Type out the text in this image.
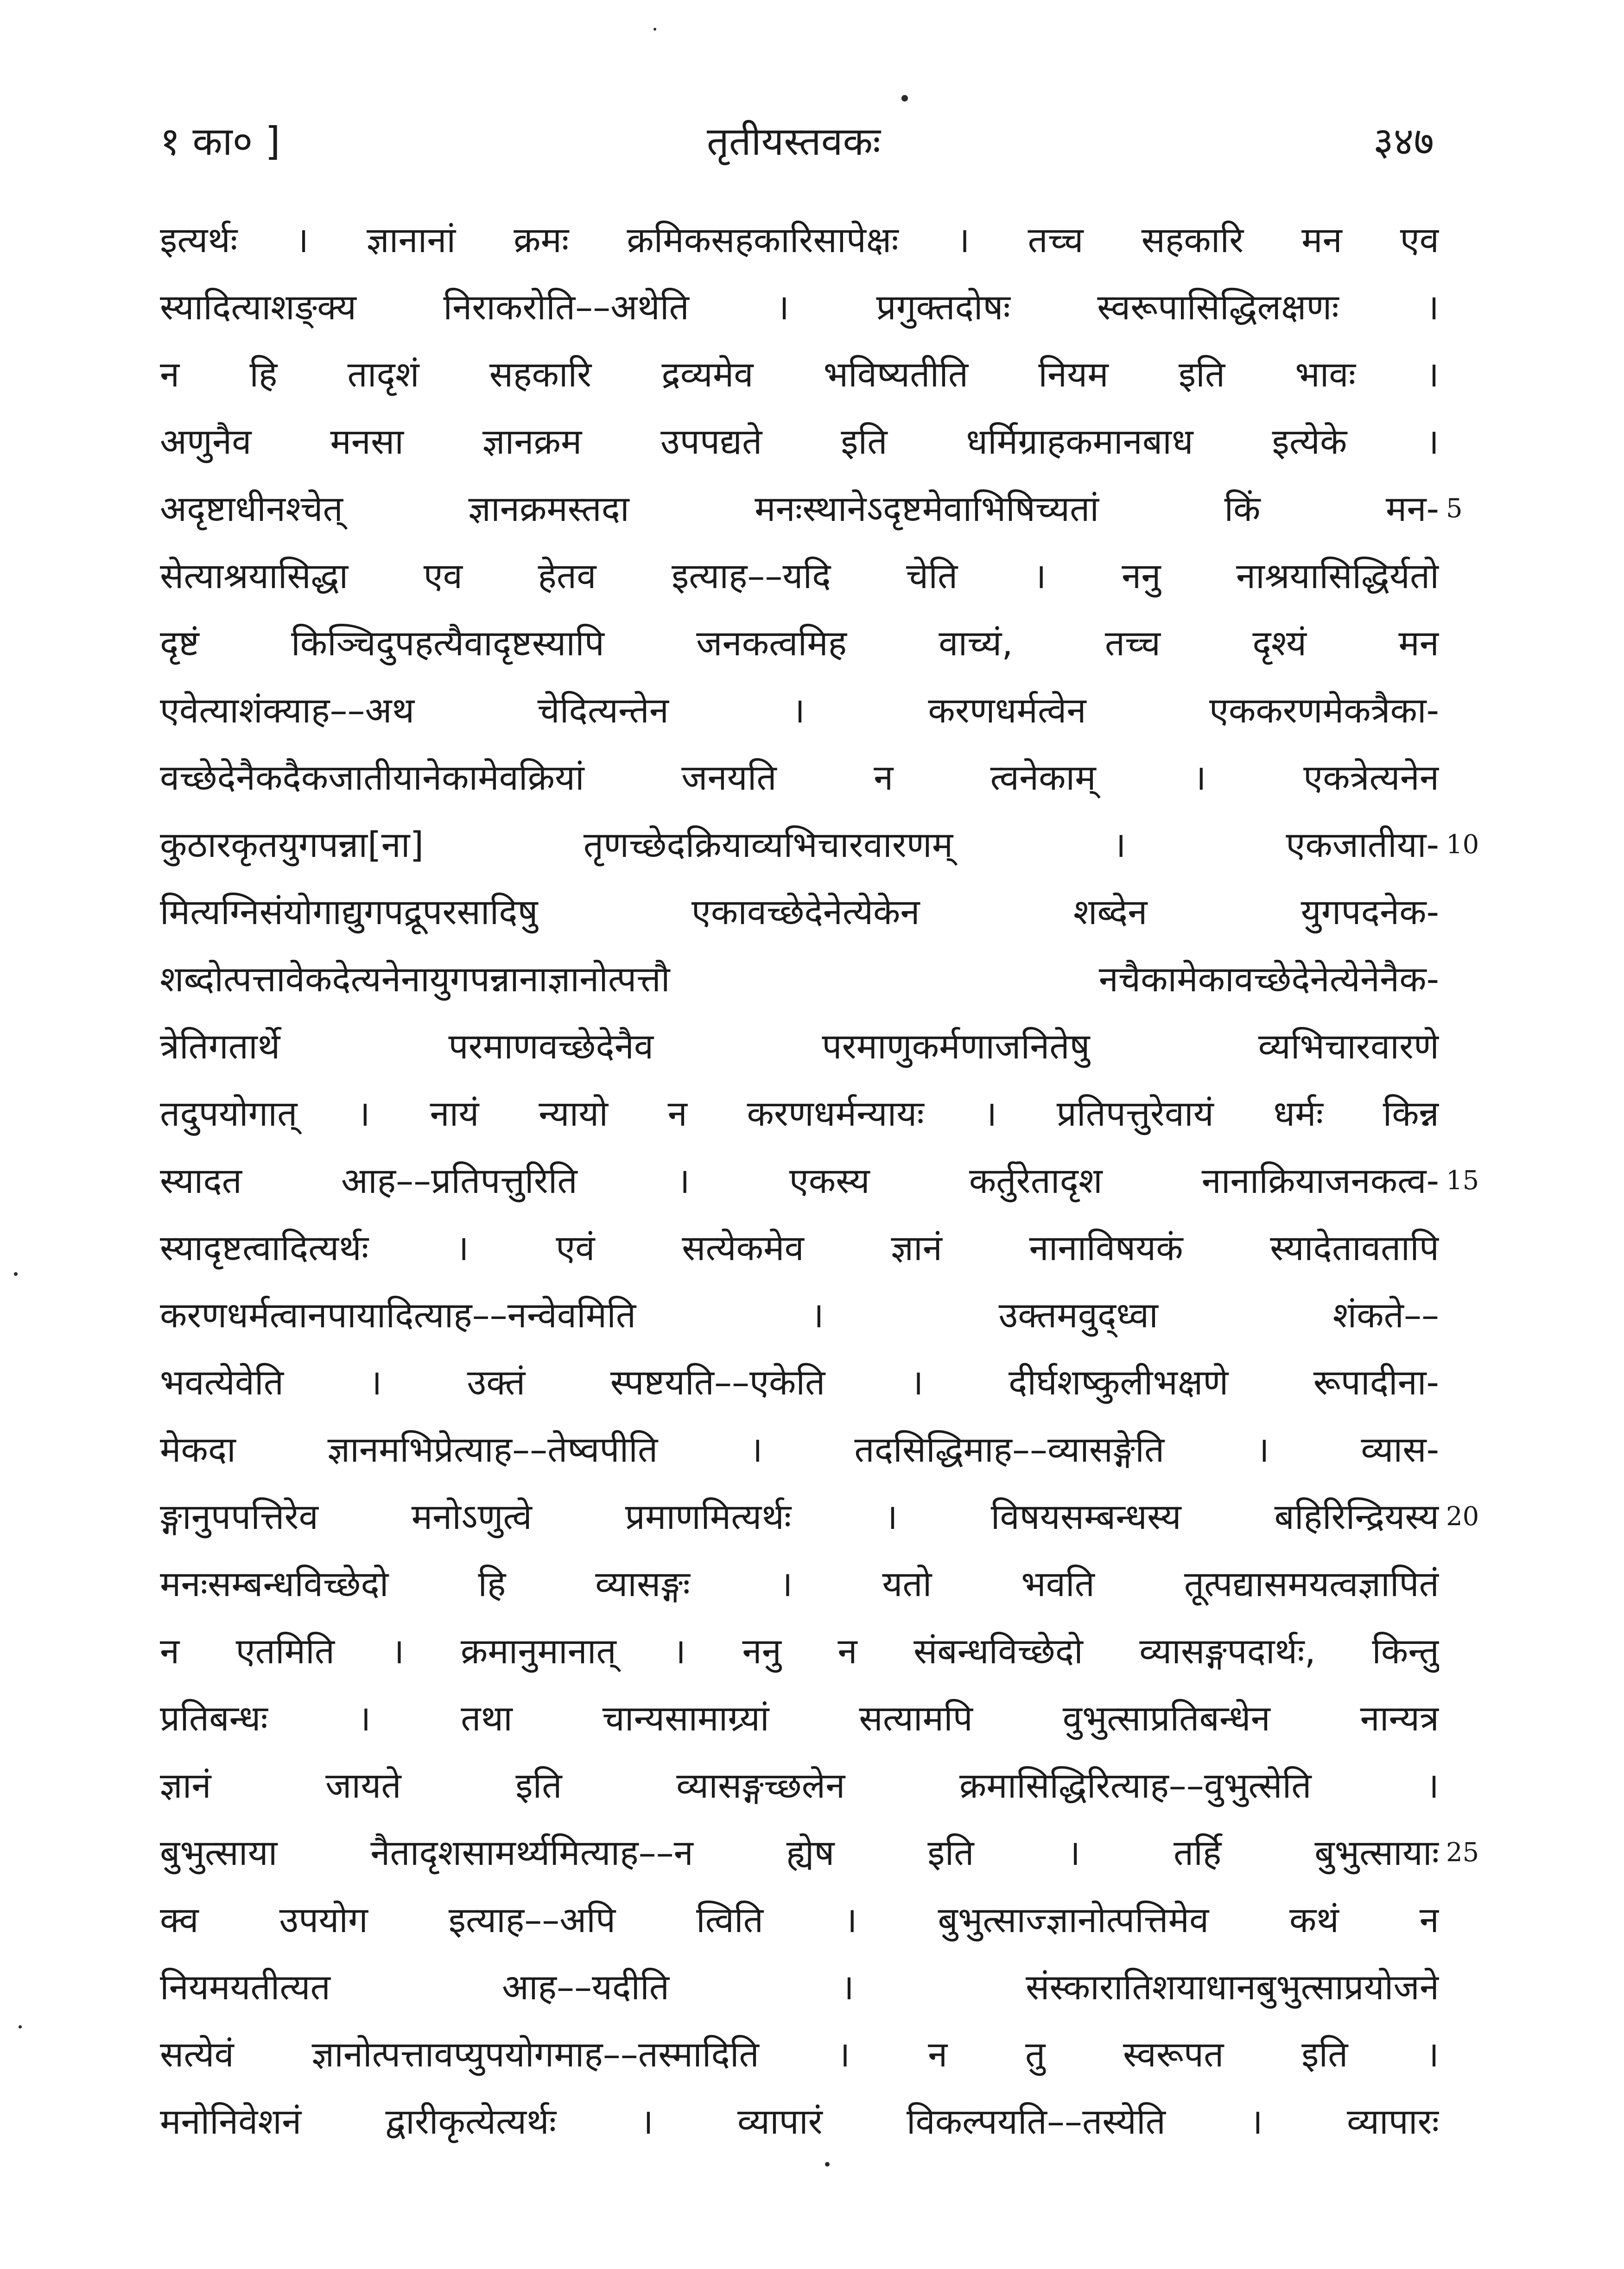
१ का० ]	तृतीयस्तवकः	३४७
इत्यर्थः । ज्ञानानां क्रमः क्रमिकसहकारिसापेक्षः । तच्च सहकारि मन एव
स्यादित्याशङ्क्य निराकरोति––अथेति । प्रगुक्तदोषः स्वरूपासिद्धिलक्षणः ।
न हि तादृशं सहकारि द्रव्यमेव भविष्यतीति नियम इति भावः ।
अणुनैव मनसा ज्ञानक्रम उपपद्यते इति धर्मिग्राहकमानबाध इत्येके ।
अदृष्टाधीनश्चेत् ज्ञानक्रमस्तदा मनःस्थानेऽदृष्टमेवाभिषिच्यतां किं मन-
सेत्याश्रयासिद्धा एव हेतव इत्याह––यदि चेति । ननु नाश्रयासिद्धिर्यतो
दृष्टं किञ्चिदुपहत्यैवादृष्टस्यापि जनकत्वमिह वाच्यं, तच्च दृश्यं मन
एवेत्याशंक्याह––अथ चेदित्यन्तेन । करणधर्मत्वेन एककरणमेकत्रैका-
वच्छेदेनैकदैकजातीयानेकामेवक्रियां जनयति न त्वनेकाम् । एकत्रेत्यनेन
कुठारकृतयुगपन्ना[ना] तृणच्छेदक्रियाव्यभिचारवारणम् । एकजातीया-
मित्यग्निसंयोगाद्युगपद्रूपरसादिषु एकावच्छेदेनेत्येकेन शब्देन युगपदनेक-
शब्दोत्पत्तावेकदेत्यनेनायुगपन्नानाज्ञानोत्पत्तौ नचैकामेकावच्छेदेनेत्येनेनैक-
त्रेतिगतार्थे परमाणवच्छेदेनैव परमाणुकर्मणाजनितेषु व्यभिचारवारणे
तदुपयोगात् । नायं न्यायो न करणधर्मन्यायः । प्रतिपत्तुरेवायं धर्मः किन्न
स्यादत आह––प्रतिपत्तुरिति । एकस्य कर्तुरेतादृश नानाक्रियाजनकत्व-
स्यादृष्टत्वादित्यर्थः । एवं सत्येकमेव ज्ञानं नानाविषयकं स्यादेतावतापि
करणधर्मत्वानपायादित्याह––नन्वेवमिति । उक्तमवुद्ध्वा शंकते––
भवत्येवेति । उक्तं स्पष्टयति––एकेति । दीर्घशष्कुलीभक्षणे रूपादीना-
मेकदा ज्ञानमभिप्रेत्याह––तेष्वपीति । तदसिद्धिमाह––व्यासङ्गेति । व्यास-
ङ्गानुपपत्तिरेव मनोऽणुत्वे प्रमाणमित्यर्थः । विषयसम्बन्धस्य बहिरिन्द्रियस्य
मनःसम्बन्धविच्छेदो हि व्यासङ्गः । यतो भवति तूत्पद्यासमयत्वज्ञापितं
न एतमिति । क्रमानुमानात् । ननु न संबन्धविच्छेदो व्यासङ्गपदार्थः, किन्तु
प्रतिबन्धः । तथा चान्यसामाग्र्यां सत्यामपि वुभुत्साप्रतिबन्धेन नान्यत्र
ज्ञानं जायते इति व्यासङ्गच्छलेन क्रमासिद्धिरित्याह––वुभुत्सेति ।
बुभुत्साया नैतादृशसामर्थ्यमित्याह––न ह्येष इति । तर्हि बुभुत्सायाः
क्व उपयोग इत्याह––अपि त्विति । बुभुत्साज्ज्ञानोत्पत्तिमेव कथं न
नियमयतीत्यत आह––यदीति । संस्कारातिशयाधानबुभुत्साप्रयोजने
सत्येवं ज्ञानोत्पत्तावप्युपयोगमाह––तस्मादिति । न तु स्वरूपत इति ।
मनोनिवेशनं द्वारीकृत्येत्यर्थः । व्यापारं विकल्पयति––तस्येति । व्यापारः
5
10
15
20
25
